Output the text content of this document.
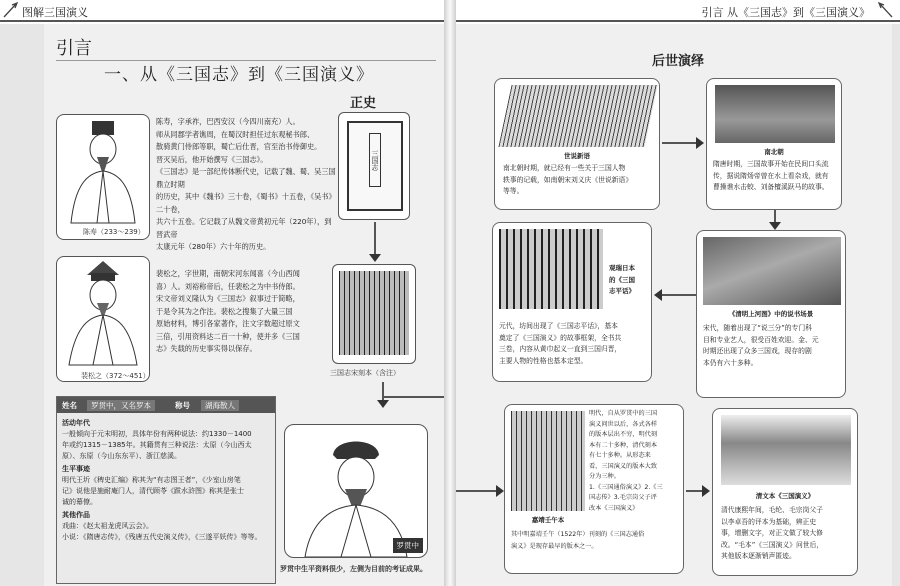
图解三国演义
引言
一、从《三国志》到《三国演义》
正史
陈寿（233～239）
陈寿，字承祚，巴西安汉（今四川南充）人。
师从同郡学者谯周，在蜀汉时担任过东观秘书郎、
散骑黄门侍郎等职，蜀亡后仕晋，官至治书侍御史。
晋灭吴后，他开始撰写《三国志》。
《三国志》是一部纪传体断代史，记载了魏、蜀、吴三国鼎立时期
的历史，其中《魏书》三十卷，《蜀书》十五卷，《吴书》二十卷，
共六十五卷。它记载了从魏文帝黄初元年（220年），到晋武帝
太康元年（280年）六十年的历史。
三国志
裴松之（372～451）
裴松之，字世期，南朝宋河东闻喜（今山西闻
喜）人。刘裕称帝后，任裴松之为中书侍郎。
宋文帝刘义隆认为《三国志》叙事过于简略，
于是令其为之作注。裴松之搜集了大量三国
原始材料，博引各家著作，注文字数超过原文
三倍，引用资料达二百一十种，使并多《三国
志》失载的历史事实得以保存。
三国志宋刻本（含注）
姓名	罗贯中，又名罗本	称号	湖海散人
活动年代
一般倾向于元末明初，具体年份有两种说法：约1330－1400
年或约1315－1385年。其籍贯有三种说法：太原（今山西太
原）、东原（今山东东平）、浙江慈溪。
生平事迹
明代王圻《稗史汇编》称其为“有志图王者”，《少室山房笔
记》说他是施耐庵门人，清代顾苓《跋水浒图》称其是张士
诚的幕僚。
其他作品
戏曲：《赵太祖龙虎风云会》。
小说：《隋唐志传》，《残唐五代史演义传》，《三遂平妖传》等等。
罗贯中
罗贯中生平资料很少，左侧为目前的考证成果。
引言 从《三国志》到《三国演义》
后世演绎
世说新语
南北朝时期，就已经有一些关于三国人物
轶事的记载，如南朝宋刘义庆《世说新语》
等等。
南北朝
隋唐时期，三国故事开始在民间口头流
传，据说隋炀帝曾在水上看杂戏，就有
曹操谯水击蛟、刘备檀溪跃马的故事。
《清明上河图》中的说书场景
宋代，随着出现了“说三分”的专门科
目和专业艺人，很受百姓欢迎。金、元
时期还出现了众多三国戏，现存的剧
本仍有六十多种。
观瑞日本
的《三国
志平话》
元代，坊间出现了《三国志平话》，基本
奠定了《三国演义》的故事框架，全书共
三卷，内容从黄巾起义一直到三国归晋，
主要人物的性格也基本定型。
嘉靖壬午本
明代，自从罗贯中的三国
演义问世以后，各式各样
的版本层出不穷，明代刻
本有二十多种，清代刻本
有七十多种。从形态来
看，三国演义的版本大致
分为三种。
1.《三国通俗演义》2.《三
国志传》3.毛宗岗父子评
改本《三国演义》
其中明嘉靖壬午（1522年）刊刻的《三国志通俗
演义》是现存最早的版本之一。
清文本《三国演义》
清代康熙年间，毛纶、毛宗岗父子
以李卓吾的评本为基础，辨正史
事，增删文字，对正文做了较大修
改。“毛本”《三国演义》问世后，
其他版本逐渐销声匿迹。
